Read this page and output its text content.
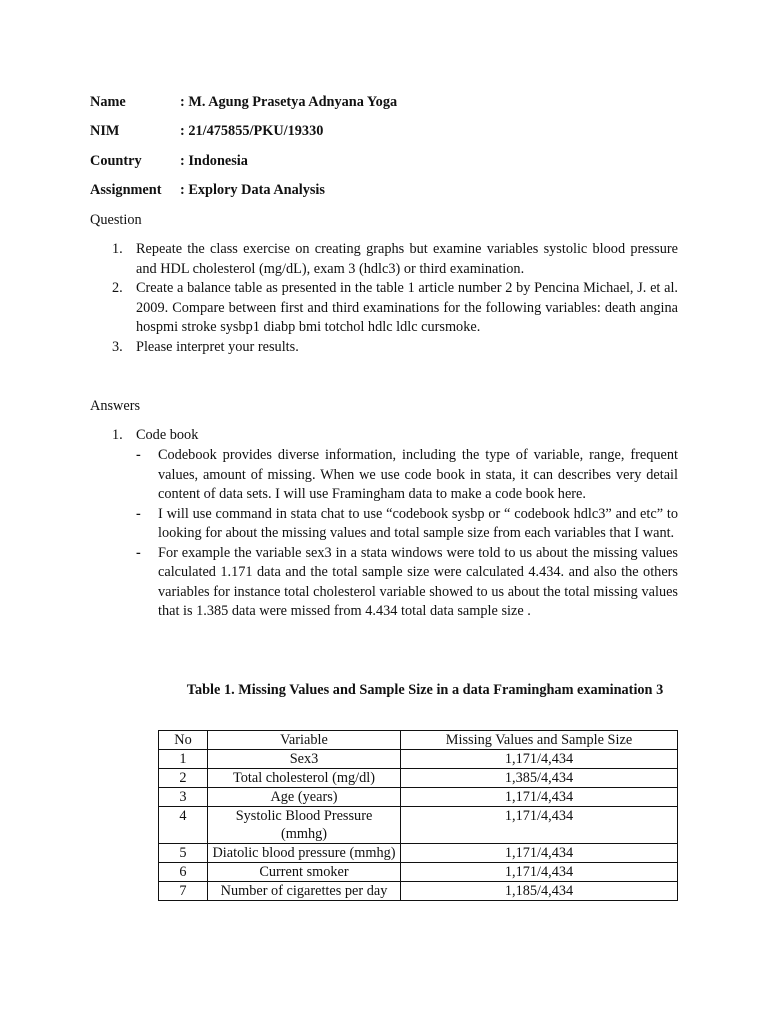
Name	: M. Agung Prasetya Adnyana Yoga
NIM	: 21/475855/PKU/19330
Country	: Indonesia
Assignment : Explory Data Analysis
Question
1. Repeate the class exercise on creating graphs but examine variables systolic blood pressure and HDL cholesterol (mg/dL), exam 3 (hdlc3) or third examination.
2. Create a balance table as presented in the table 1 article number 2 by Pencina Michael, J. et al. 2009. Compare between first and third examinations for the following variables: death angina hospmi stroke sysbp1 diabp bmi totchol hdlc ldlc cursmoke.
3. Please interpret your results.
Answers
1. Code book
- Codebook provides diverse information, including the type of variable, range, frequent values, amount of missing. When we use code book in stata, it can describes very detail content of data sets. I will use Framingham data to make a code book here.
- I will use command in stata chat to use “codebook sysbp or “ codebook hdlc3” and etc” to looking for about the missing values and total sample size from each variables that I want.
- For example the variable sex3 in a stata windows were told to us about the missing values calculated 1.171 data and the total sample size were calculated 4.434. and also the others variables for instance total cholesterol variable showed to us about the total missing values that is 1.385 data were missed from 4.434 total data sample size .
Table 1. Missing Values and Sample Size in a data Framingham examination 3
No	Variable	Missing Values and Sample Size
1	Sex3	1,171/4,434
2	Total cholesterol (mg/dl)	1,385/4,434
3	Age (years)	1,171/4,434
4	Systolic Blood Pressure (mmhg)	1,171/4,434
5	Diatolic blood pressure (mmhg)	1,171/4,434
6	Current smoker	1,171/4,434
7	Number of cigarettes per day	1,185/4,434
